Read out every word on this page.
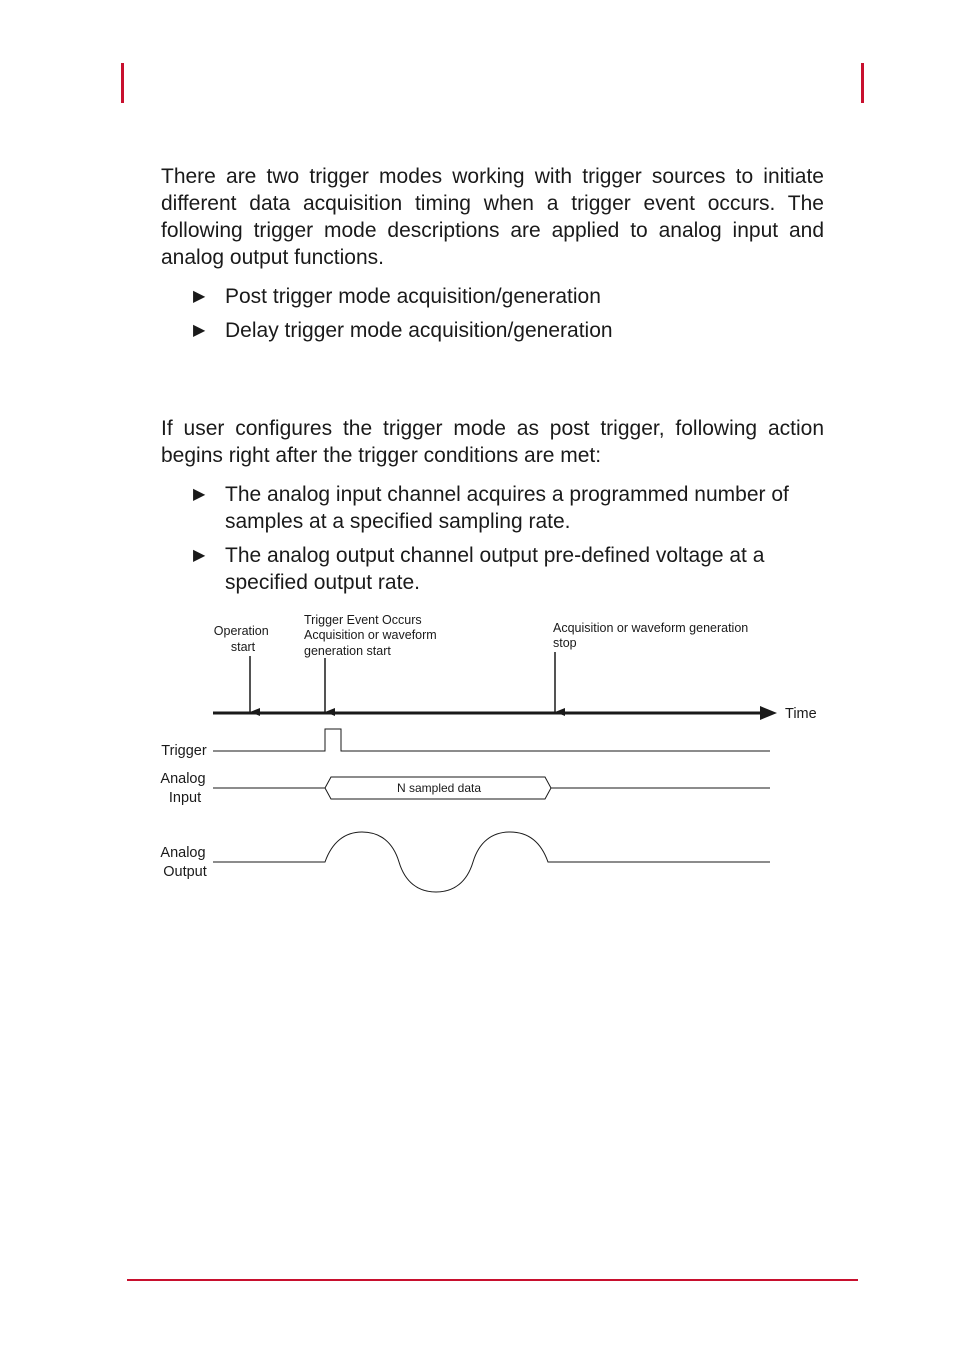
There are two trigger modes working with trigger sources to initiate different data acquisition timing when a trigger event occurs. The following trigger mode descriptions are applied to analog input and analog output functions.

▶ Post trigger mode acquisition/generation
▶ Delay trigger mode acquisition/generation

If user configures the trigger mode as post trigger, following action begins right after the trigger conditions are met:

▶ The analog input channel acquires a programmed number of samples at a specified sampling rate.
▶ The analog output channel output pre-defined voltage at a specified output rate.
Operation start
Trigger Event Occurs Acquisition or waveform generation start
Acquisition or waveform generation stop
Time
Trigger
Analog Input
N sampled data
Analog Output
